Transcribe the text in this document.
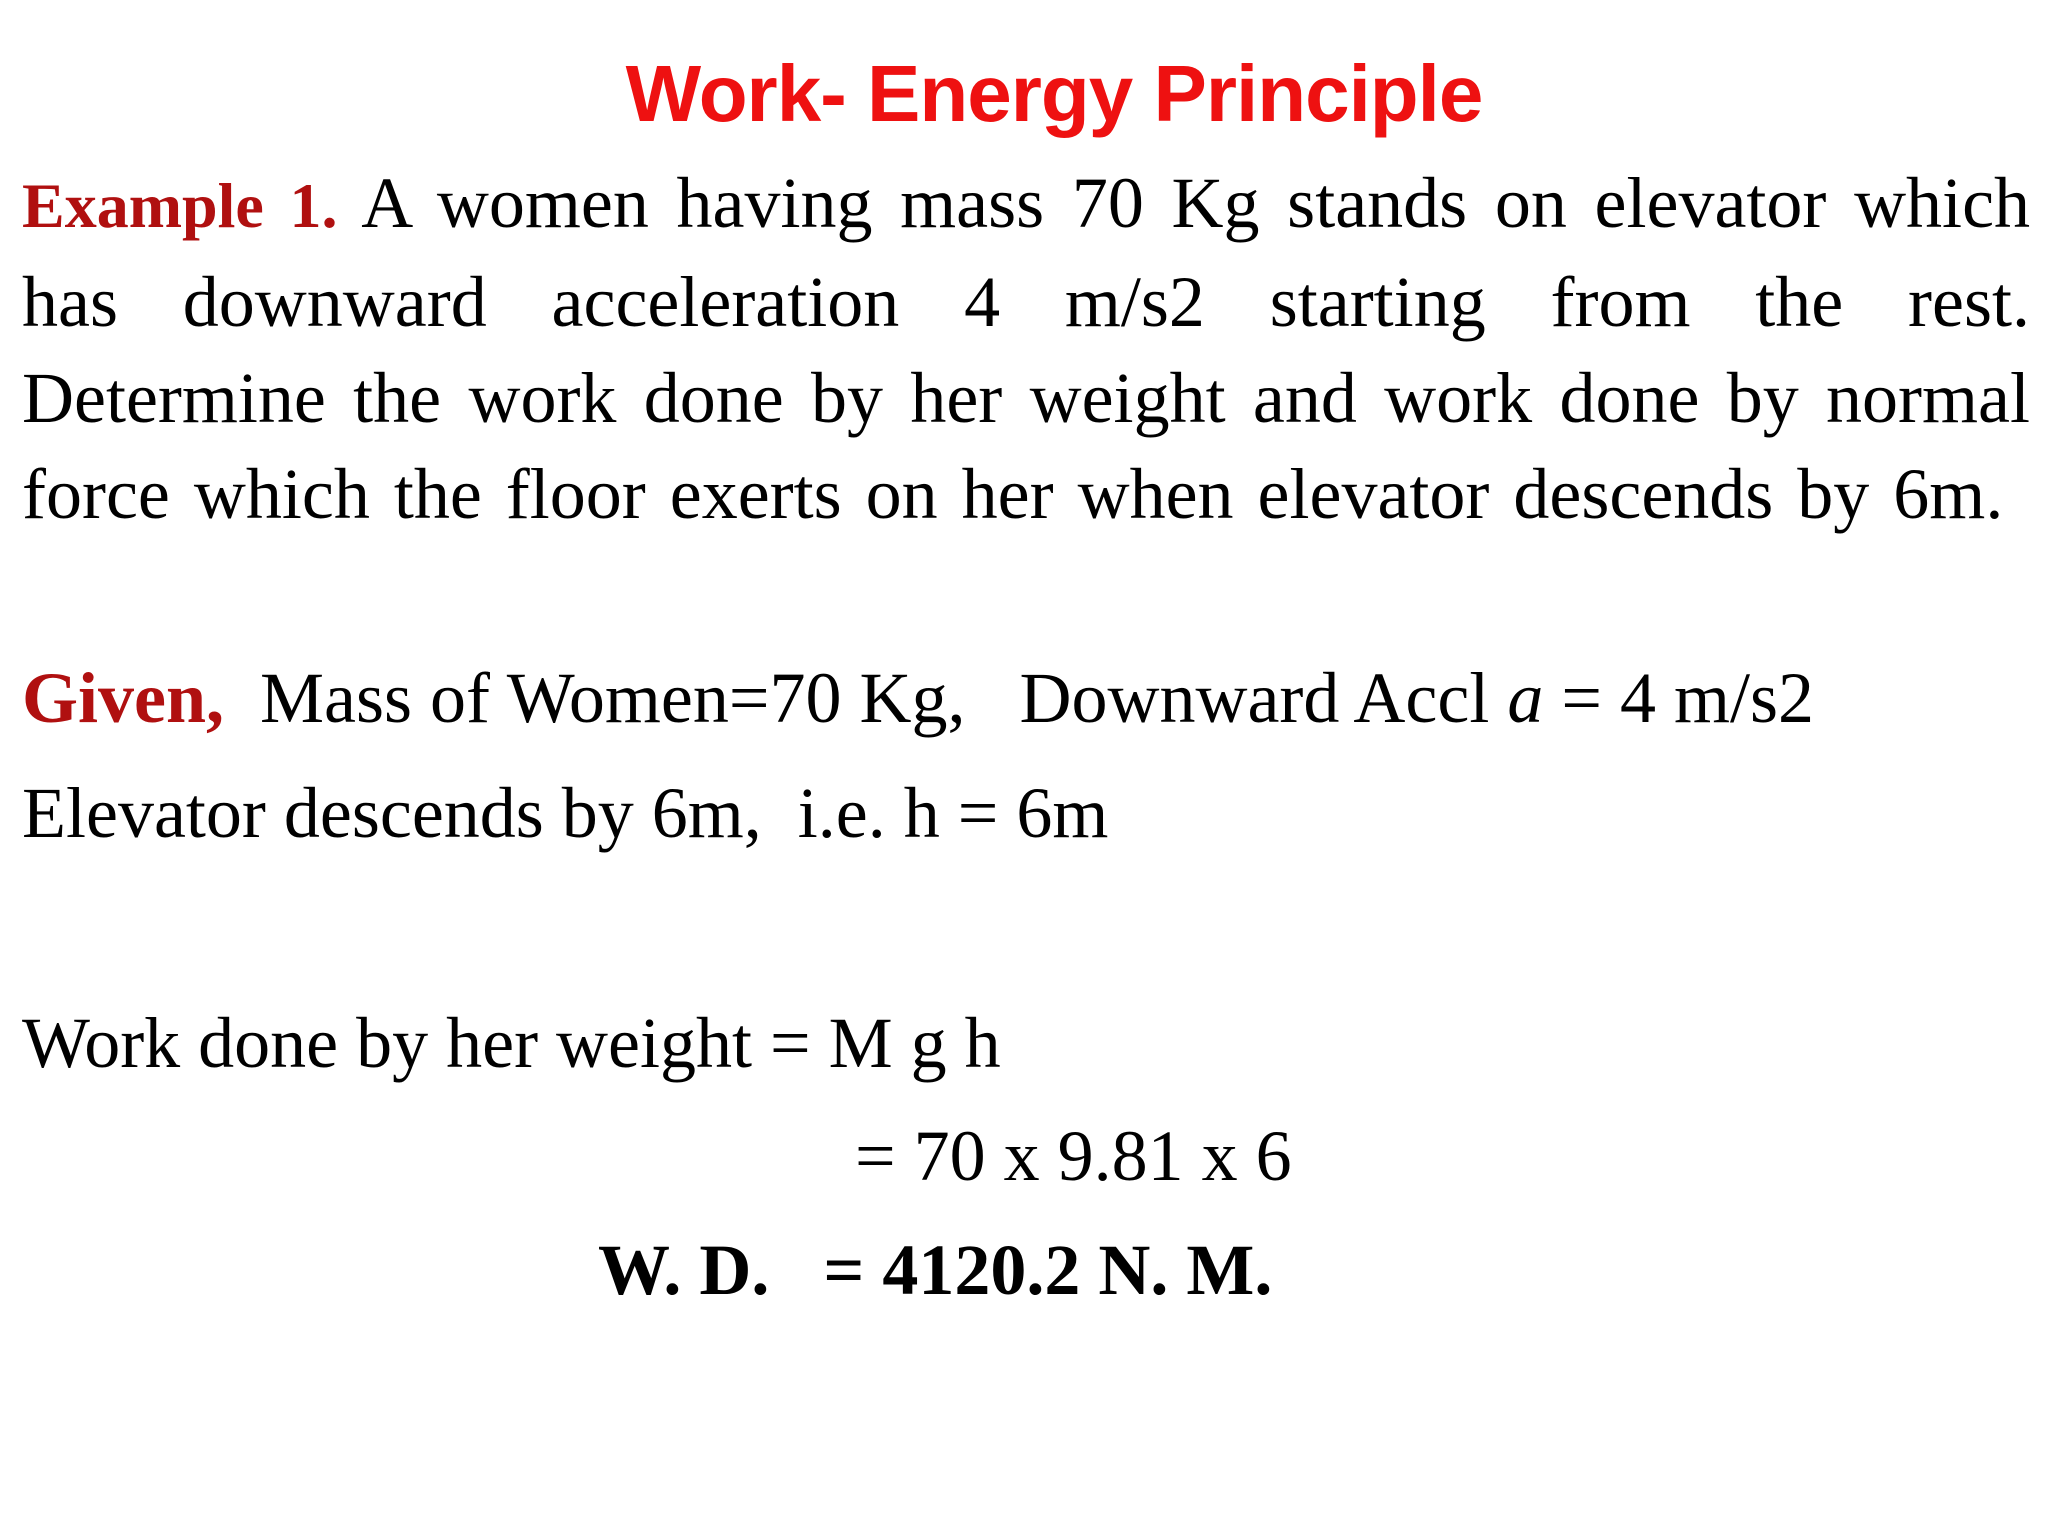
Work- Energy Principle
Example 1. A women having mass 70 Kg stands on elevator which has downward acceleration 4 m/s2 starting from the rest. Determine the work done by her weight and work done by normal force which the floor exerts on her when elevator descends by 6m.
Given, Mass of Women=70 Kg, Downward Accl a = 4 m/s2
Elevator descends by 6m, i.e. h = 6m
Work done by her weight = M g h
= 70 x 9.81 x 6
W. D. = 4120.2 N. M.
